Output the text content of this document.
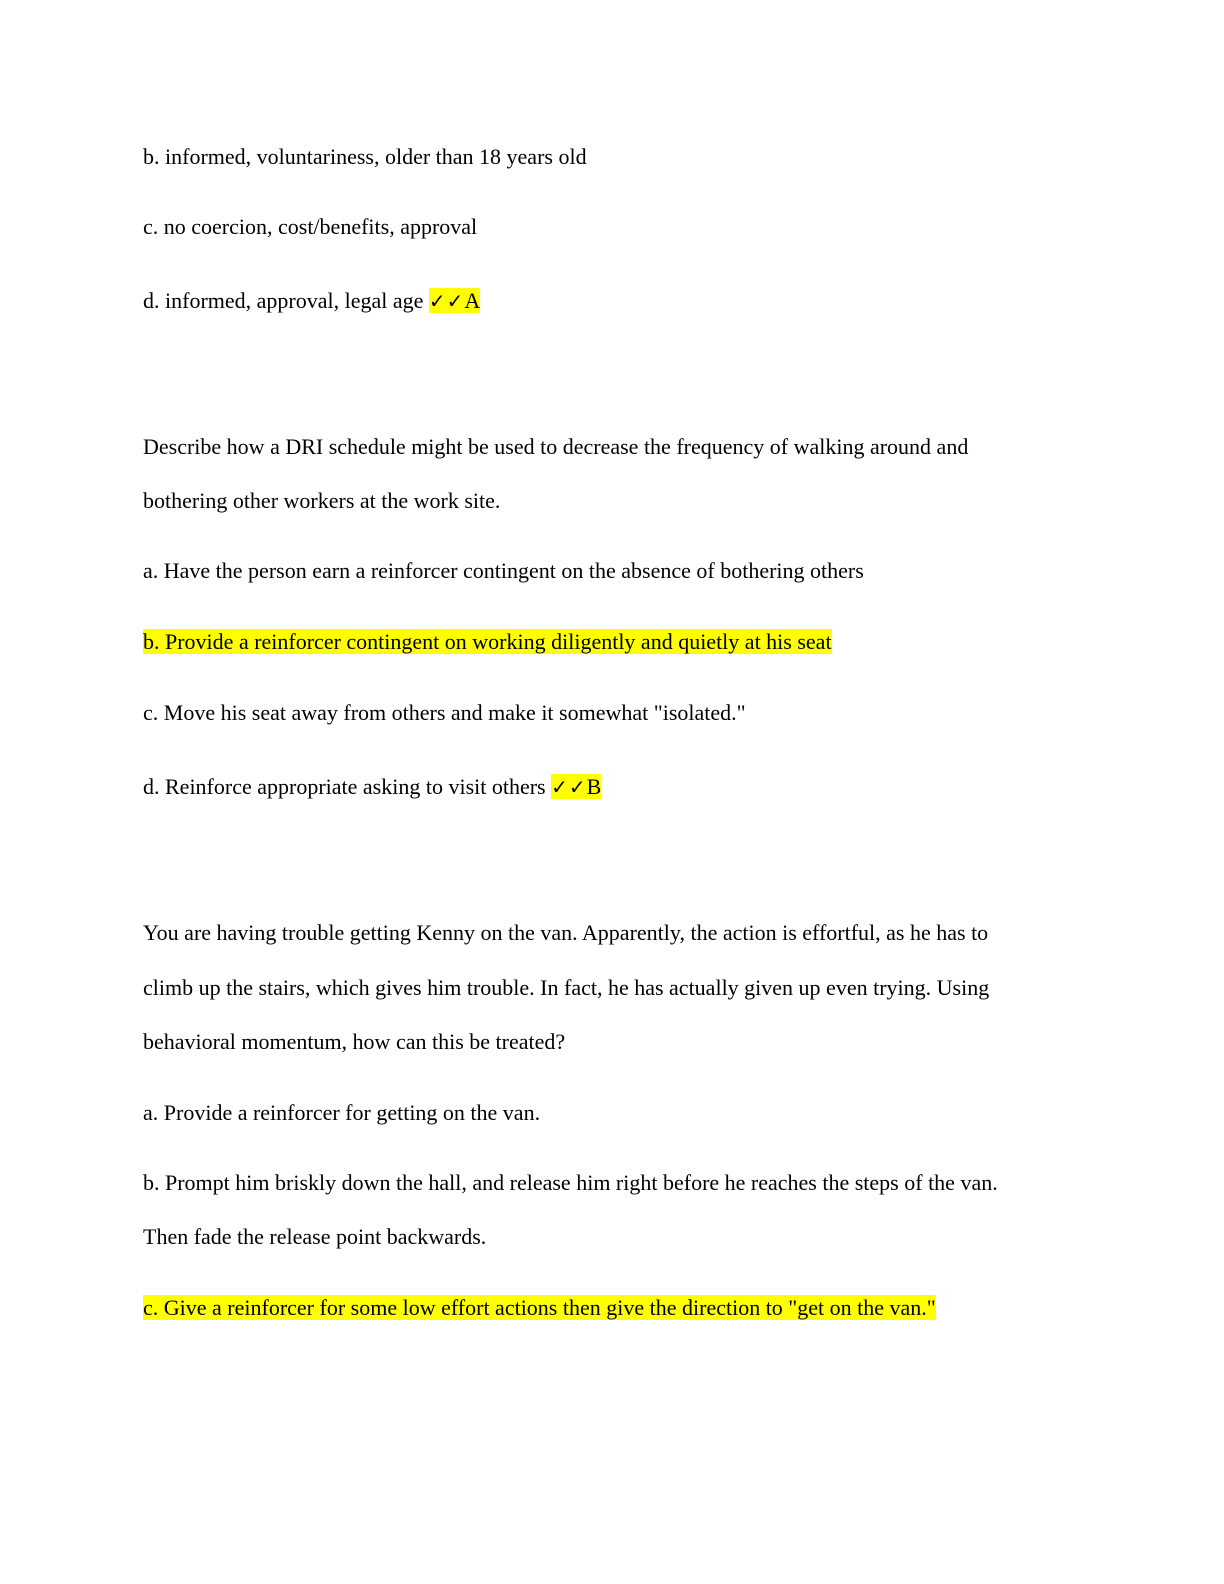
b. informed, voluntariness, older than 18 years old
c. no coercion, cost/benefits, approval
d. informed, approval, legal age ✓✓A
Describe how a DRI schedule might be used to decrease the frequency of walking around and
bothering other workers at the work site.
a. Have the person earn a reinforcer contingent on the absence of bothering others
b. Provide a reinforcer contingent on working diligently and quietly at his seat
c. Move his seat away from others and make it somewhat "isolated."
d. Reinforce appropriate asking to visit others ✓✓B
You are having trouble getting Kenny on the van. Apparently, the action is effortful, as he has to
climb up the stairs, which gives him trouble. In fact, he has actually given up even trying. Using
behavioral momentum, how can this be treated?
a. Provide a reinforcer for getting on the van.
b. Prompt him briskly down the hall, and release him right before he reaches the steps of the van.
Then fade the release point backwards.
c. Give a reinforcer for some low effort actions then give the direction to "get on the van."
